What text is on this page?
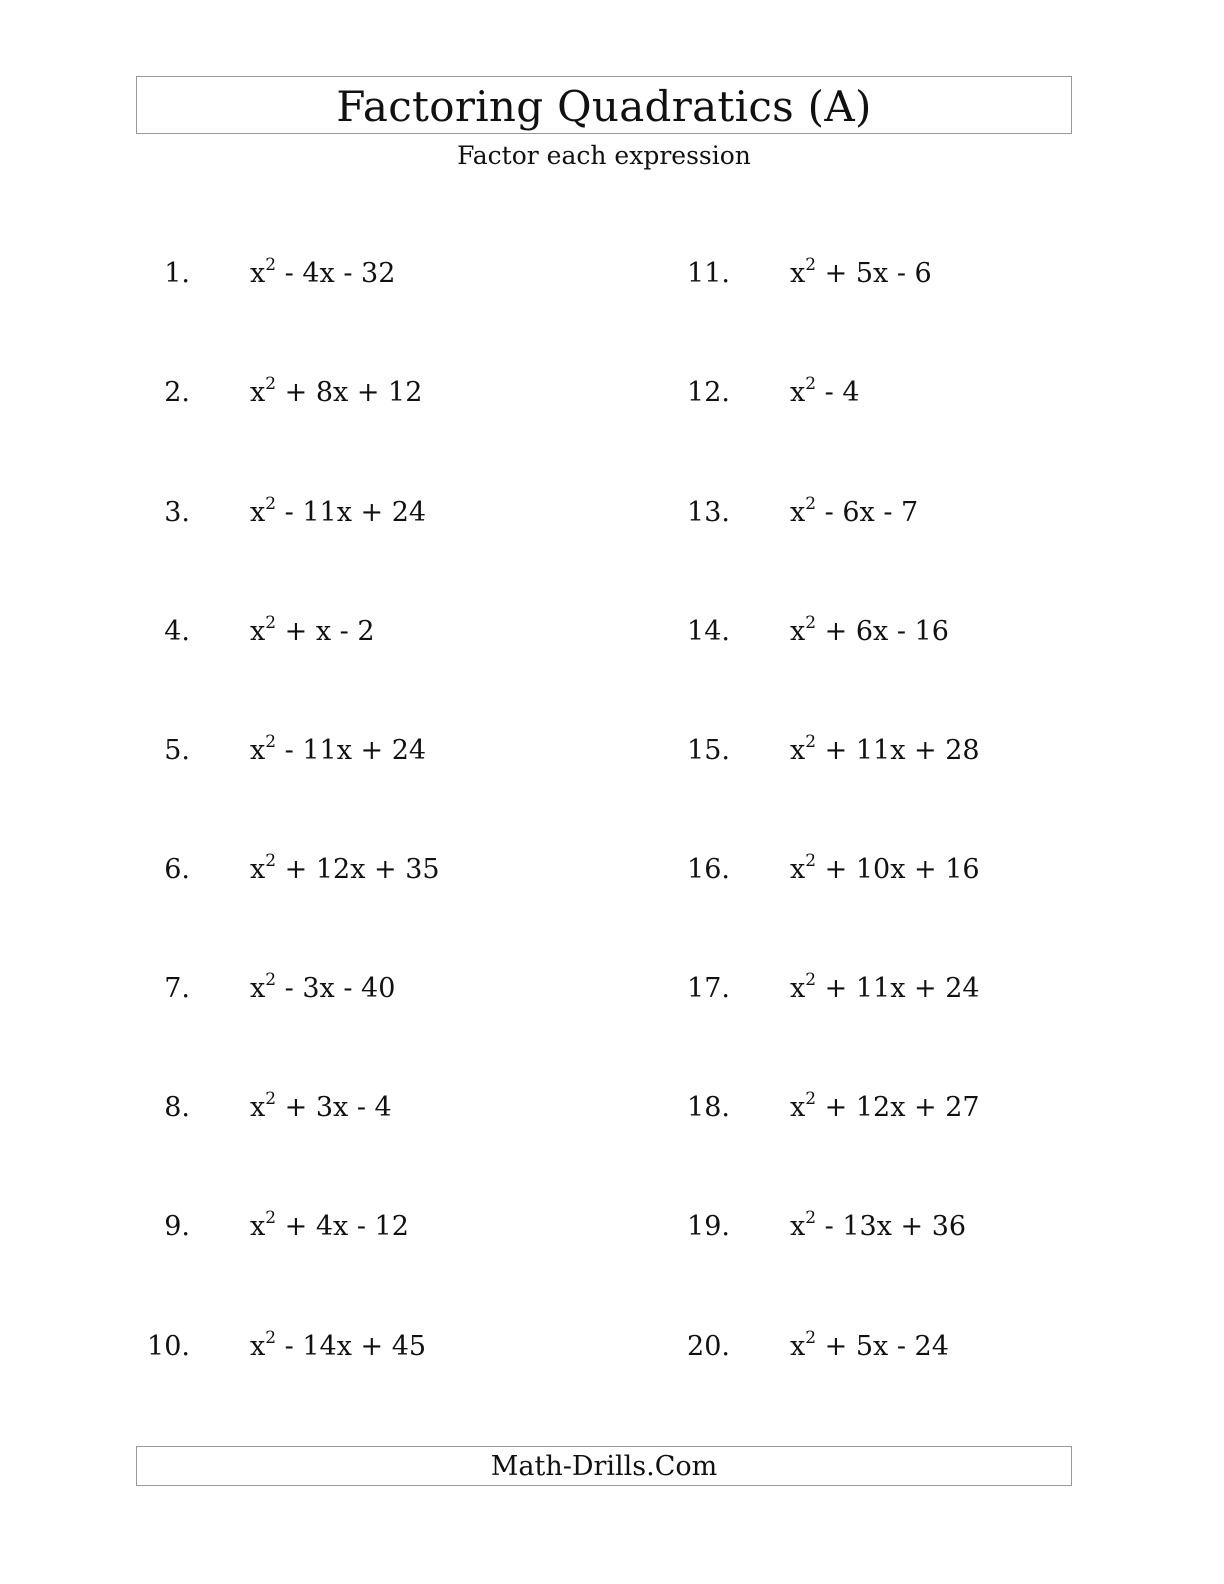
Factoring Quadratics (A)
Factor each expression
1. $x^2 - 4x - 32$
2. $x^2 + 8x + 12$
3. $x^2 - 11x + 24$
4. $x^2 + x - 2$
5. $x^2 - 11x + 24$
6. $x^2 + 12x + 35$
7. $x^2 - 3x - 40$
8. $x^2 + 3x - 4$
9. $x^2 + 4x - 12$
10. $x^2 - 14x + 45$
11. $x^2 + 5x - 6$
12. $x^2 - 4$
13. $x^2 - 6x - 7$
14. $x^2 + 6x - 16$
15. $x^2 + 11x + 28$
16. $x^2 + 10x + 16$
17. $x^2 + 11x + 24$
18. $x^2 + 12x + 27$
19. $x^2 - 13x + 36$
20. $x^2 + 5x - 24$
Math-Drills.Com
